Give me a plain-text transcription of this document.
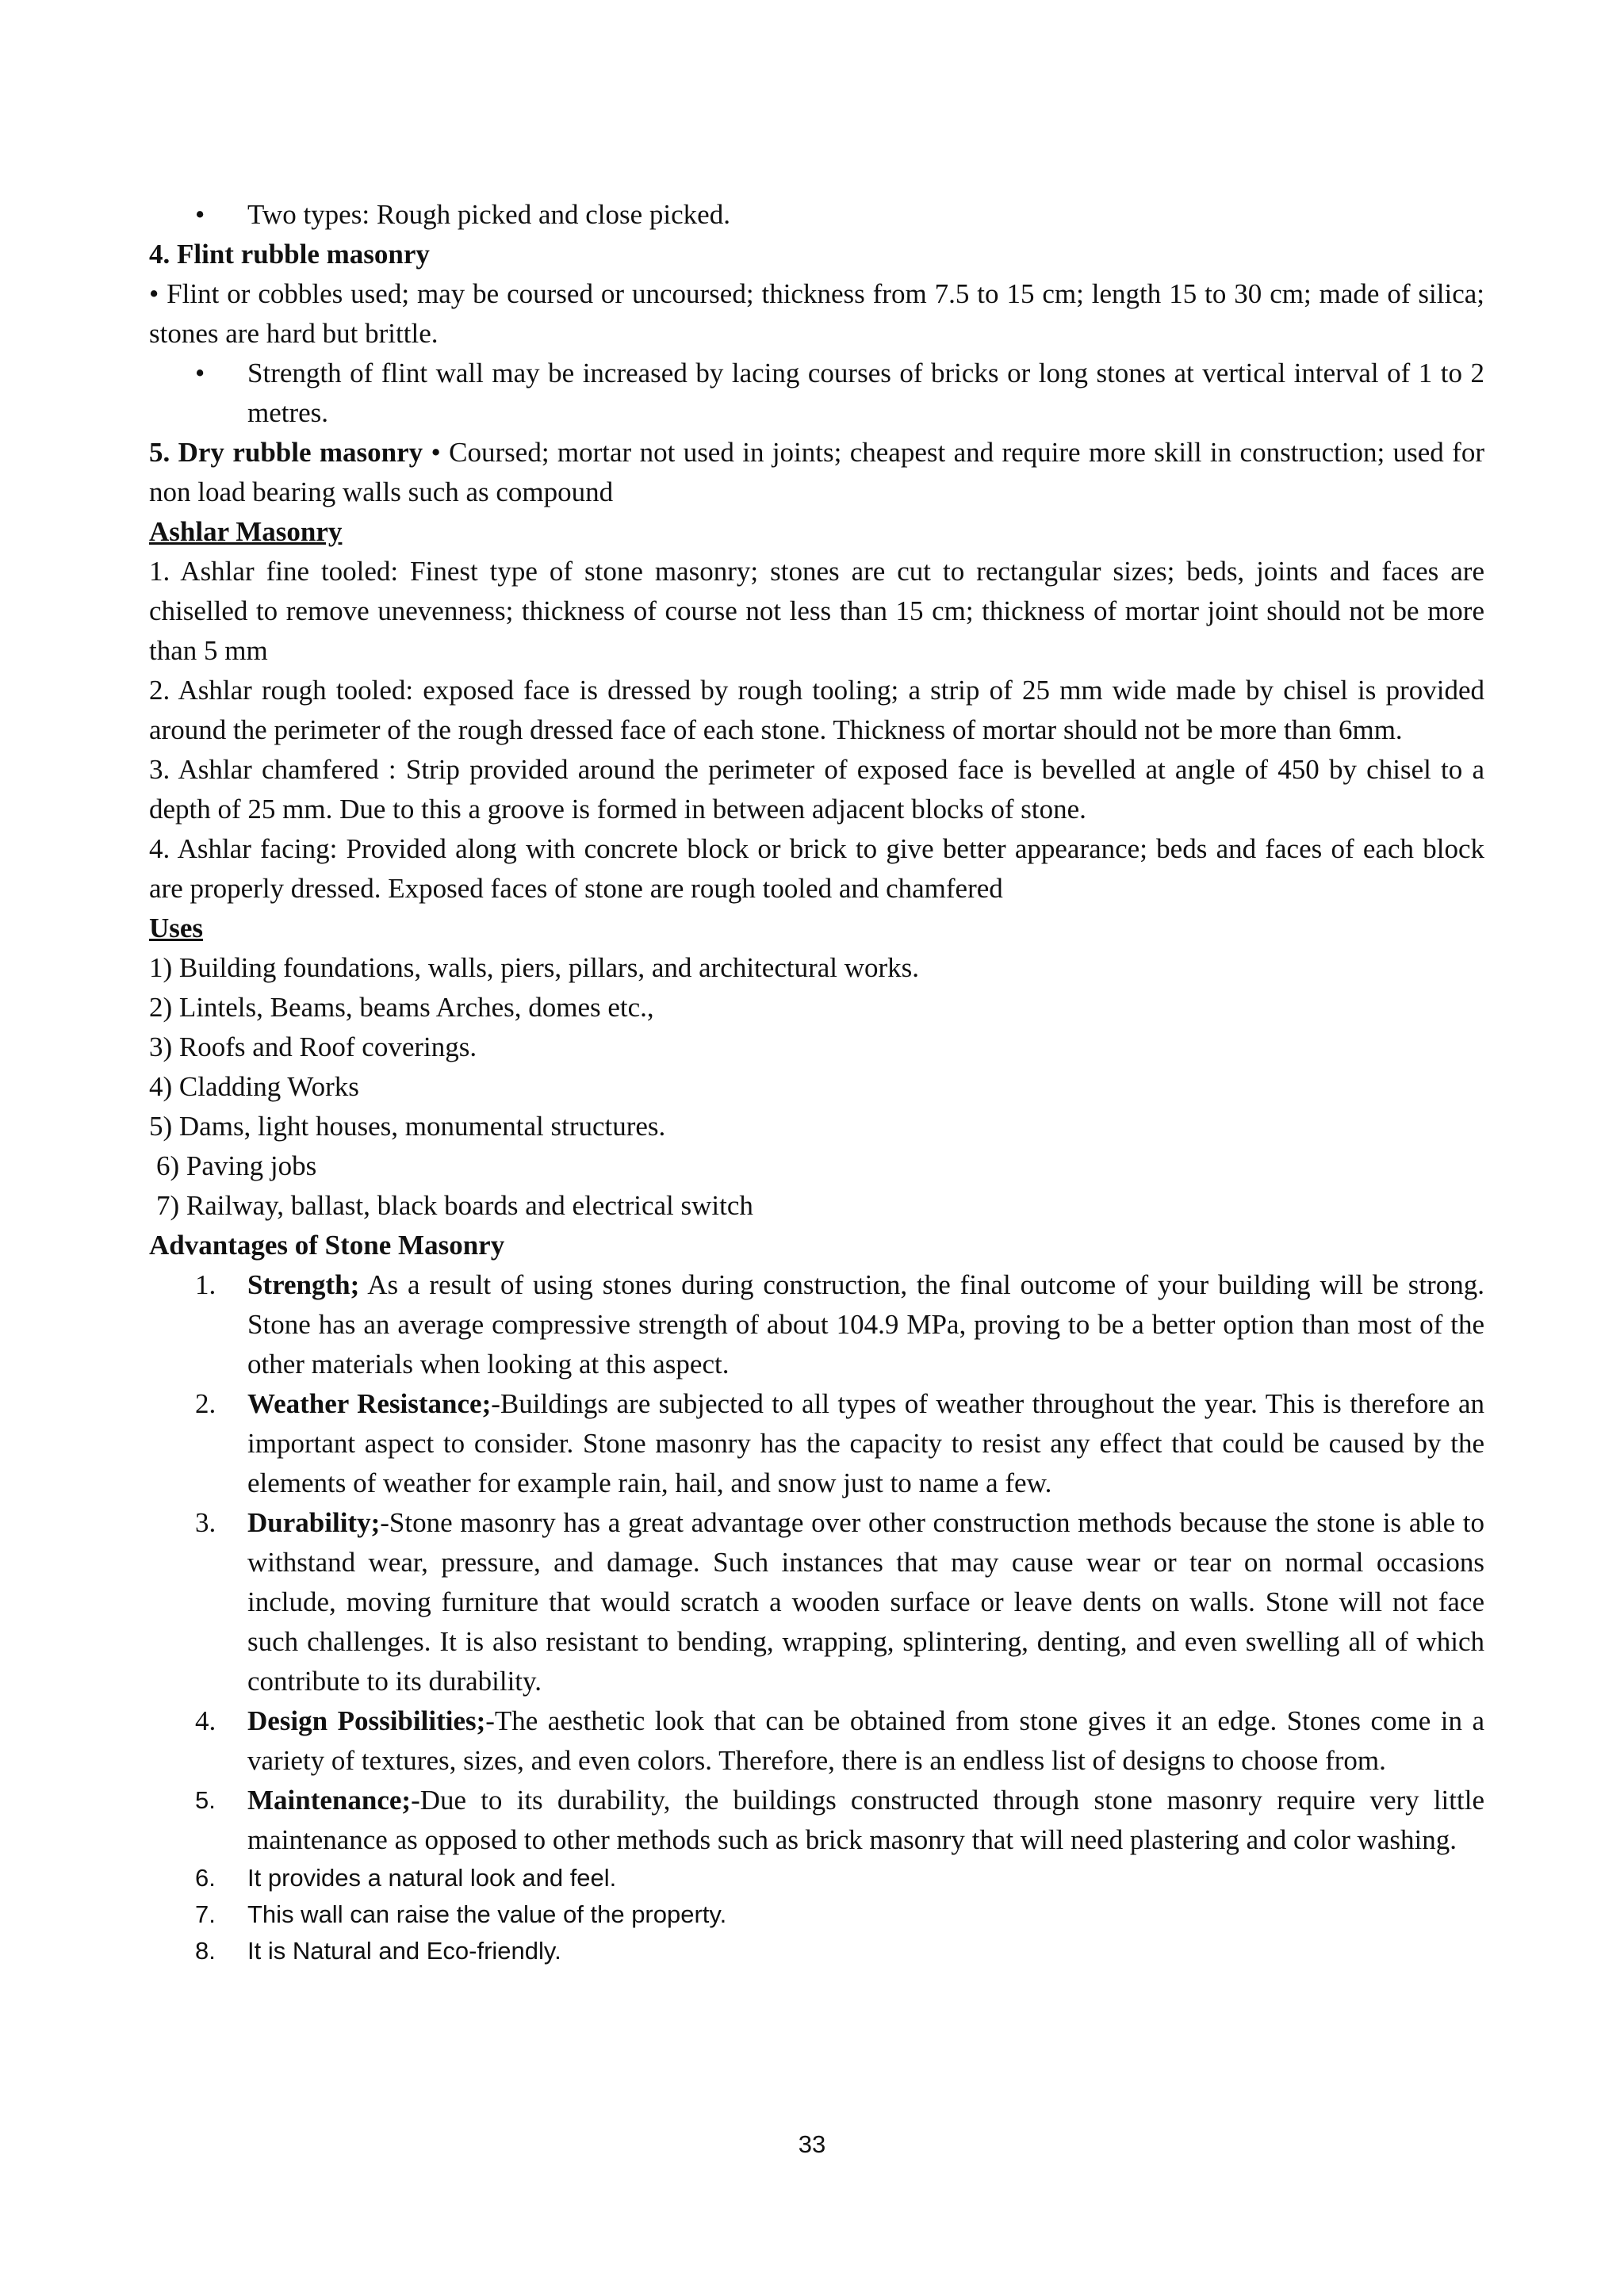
•	Two types: Rough picked and close picked.

4. Flint rubble masonry

• Flint or cobbles used; may be coursed or uncoursed; thickness from 7.5 to 15 cm; length 15 to 30 cm; made of silica; stones are hard but brittle.

•	Strength of flint wall may be increased by lacing courses of bricks or long stones at vertical interval of 1 to 2 metres.

5. Dry rubble masonry • Coursed; mortar not used in joints; cheapest and require more skill in construction; used for non load bearing walls such as compound

Ashlar Masonry

1. Ashlar fine tooled: Finest type of stone masonry; stones are cut to rectangular sizes; beds, joints and faces are chiselled to remove unevenness; thickness of course not less than 15 cm; thickness of mortar joint should not be more than 5 mm

2. Ashlar rough tooled: exposed face is dressed by rough tooling; a strip of 25 mm wide made by chisel is provided around the perimeter of the rough dressed face of each stone. Thickness of mortar should not be more than 6mm.

3. Ashlar chamfered : Strip provided around the perimeter of exposed face is bevelled at angle of 450 by chisel to a depth of 25 mm. Due to this a groove is formed in between adjacent blocks of stone.

4. Ashlar facing: Provided along with concrete block or brick to give better appearance; beds and faces of each block are properly dressed. Exposed faces of stone are rough tooled and chamfered

Uses

1) Building foundations, walls, piers, pillars, and architectural works.

2) Lintels, Beams, beams Arches, domes etc.,

3) Roofs and Roof coverings.

4) Cladding Works

5) Dams, light houses, monumental structures.

6) Paving jobs

7) Railway, ballast, black boards and electrical switch

Advantages of Stone Masonry

1.	Strength; As a result of using stones during construction, the final outcome of your building will be strong. Stone has an average compressive strength of about 104.9 MPa, proving to be a better option than most of the other materials when looking at this aspect.
2.	Weather Resistance;-Buildings are subjected to all types of weather throughout the year. This is therefore an important aspect to consider. Stone masonry has the capacity to resist any effect that could be caused by the elements of weather for example rain, hail, and snow just to name a few.
3.	Durability;-Stone masonry has a great advantage over other construction methods because the stone is able to withstand wear, pressure, and damage. Such instances that may cause wear or tear on normal occasions include, moving furniture that would scratch a wooden surface or leave dents on walls. Stone will not face such challenges. It is also resistant to bending, wrapping, splintering, denting, and even swelling all of which contribute to its durability.
4.	Design Possibilities;-The aesthetic look that can be obtained from stone gives it an edge. Stones come in a variety of textures, sizes, and even colors. Therefore, there is an endless list of designs to choose from.
5.	Maintenance;-Due to its durability, the buildings constructed through stone masonry require very little maintenance as opposed to other methods such as brick masonry that will need plastering and color washing.
6.	It provides a natural look and feel.
7.	This wall can raise the value of the property.
8.	It is Natural and Eco-friendly.
33
